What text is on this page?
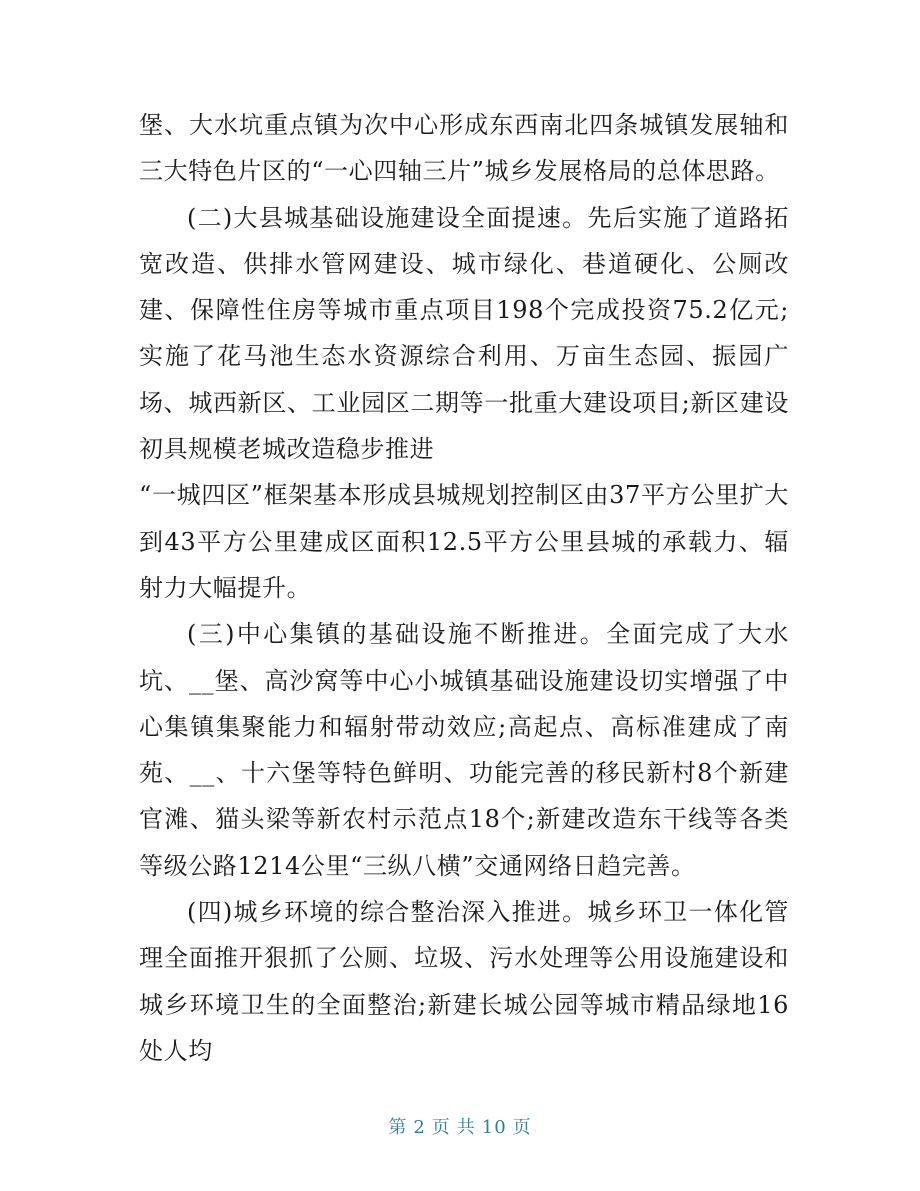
堡、大水坑重点镇为次中心形成东西南北四条城镇发展轴和三大特色片区的“一心四轴三片”城乡发展格局的总体思路。

(二)大县城基础设施建设全面提速。先后实施了道路拓宽改造、供排水管网建设、城市绿化、巷道硬化、公厕改建、保障性住房等城市重点项目198个完成投资75.2亿元;实施了花马池生态水资源综合利用、万亩生态园、振园广场、城西新区、工业园区二期等一批重大建设项目;新区建设初具规模老城改造稳步推进

“一城四区”框架基本形成县城规划控制区由37平方公里扩大到43平方公里建成区面积12.5平方公里县城的承载力、辐射力大幅提升。

(三)中心集镇的基础设施不断推进。全面完成了大水坑、__堡、高沙窝等中心小城镇基础设施建设切实增强了中心集镇集聚能力和辐射带动效应;高起点、高标准建成了南苑、__、十六堡等特色鲜明、功能完善的移民新村8个新建官滩、猫头梁等新农村示范点18个;新建改造东干线等各类等级公路1214公里“三纵八横”交通网络日趋完善。

(四)城乡环境的综合整治深入推进。城乡环卫一体化管理全面推开狠抓了公厕、垃圾、污水处理等公用设施建设和城乡环境卫生的全面整治;新建长城公园等城市精品绿地16处人均

第 2 页 共 10 页
